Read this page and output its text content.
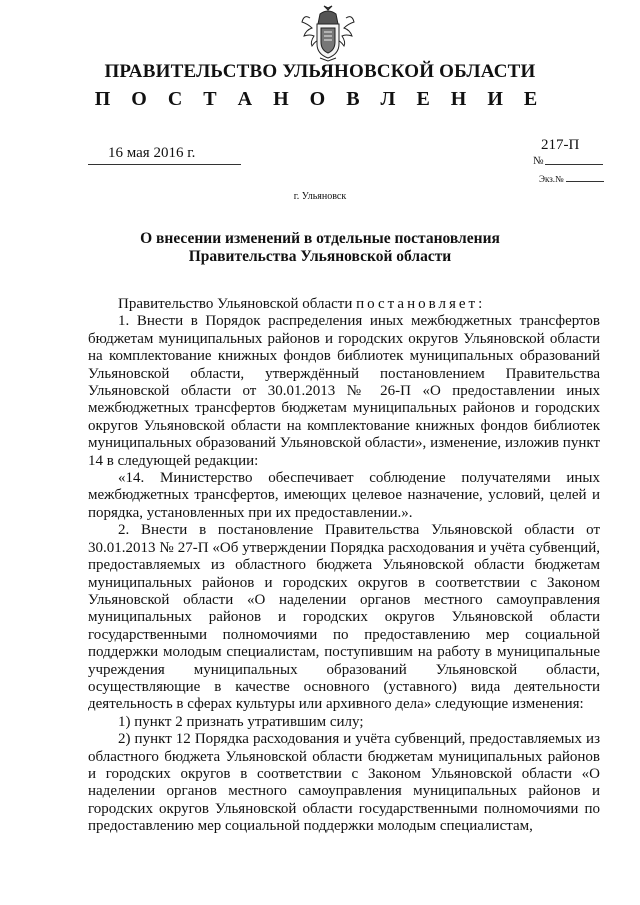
ПРАВИТЕЛЬСТВО УЛЬЯНОВСКОЙ ОБЛАСТИ
П О С Т А Н О В Л Е Н И Е
16 мая 2016 г.	217-П
№
Экз.№
г. Ульяновск
О внесении изменений в отдельные постановления Правительства Ульяновской области

Правительство Ульяновской области постановляет:

1. Внести в Порядок распределения иных межбюджетных трансфертов бюджетам муниципальных районов и городских округов Ульяновской области на комплектование книжных фондов библиотек муниципальных образований Ульяновской области, утверждённый постановлением Правительства Ульяновской области от 30.01.2013 № 26-П «О предоставлении иных межбюджетных трансфертов бюджетам муниципальных районов и городских округов Ульяновской области на комплектование книжных фондов библиотек муниципальных образований Ульяновской области», изменение, изложив пункт 14 в следующей редакции:

«14. Министерство обеспечивает соблюдение получателями иных межбюджетных трансфертов, имеющих целевое назначение, условий, целей и порядка, установленных при их предоставлении.».

2. Внести в постановление Правительства Ульяновской области от 30.01.2013 № 27-П «Об утверждении Порядка расходования и учёта субвенций, предоставляемых из областного бюджета Ульяновской области бюджетам муниципальных районов и городских округов в соответствии с Законом Ульяновской области «О наделении органов местного самоуправления муниципальных районов и городских округов Ульяновской области государственными полномочиями по предоставлению мер социальной поддержки молодым специалистам, поступившим на работу в муниципальные учреждения муниципальных образований Ульяновской области, осуществляющие в качестве основного (уставного) вида деятельности деятельность в сферах культуры или архивного дела» следующие изменения:

1) пункт 2 признать утратившим силу;

2) пункт 12 Порядка расходования и учёта субвенций, предоставляемых из областного бюджета Ульяновской области бюджетам муниципальных районов и городских округов в соответствии с Законом Ульяновской области «О наделении органов местного самоуправления муниципальных районов и городских округов Ульяновской области государственными полномочиями по предоставлению мер социальной поддержки молодым специалистам,
